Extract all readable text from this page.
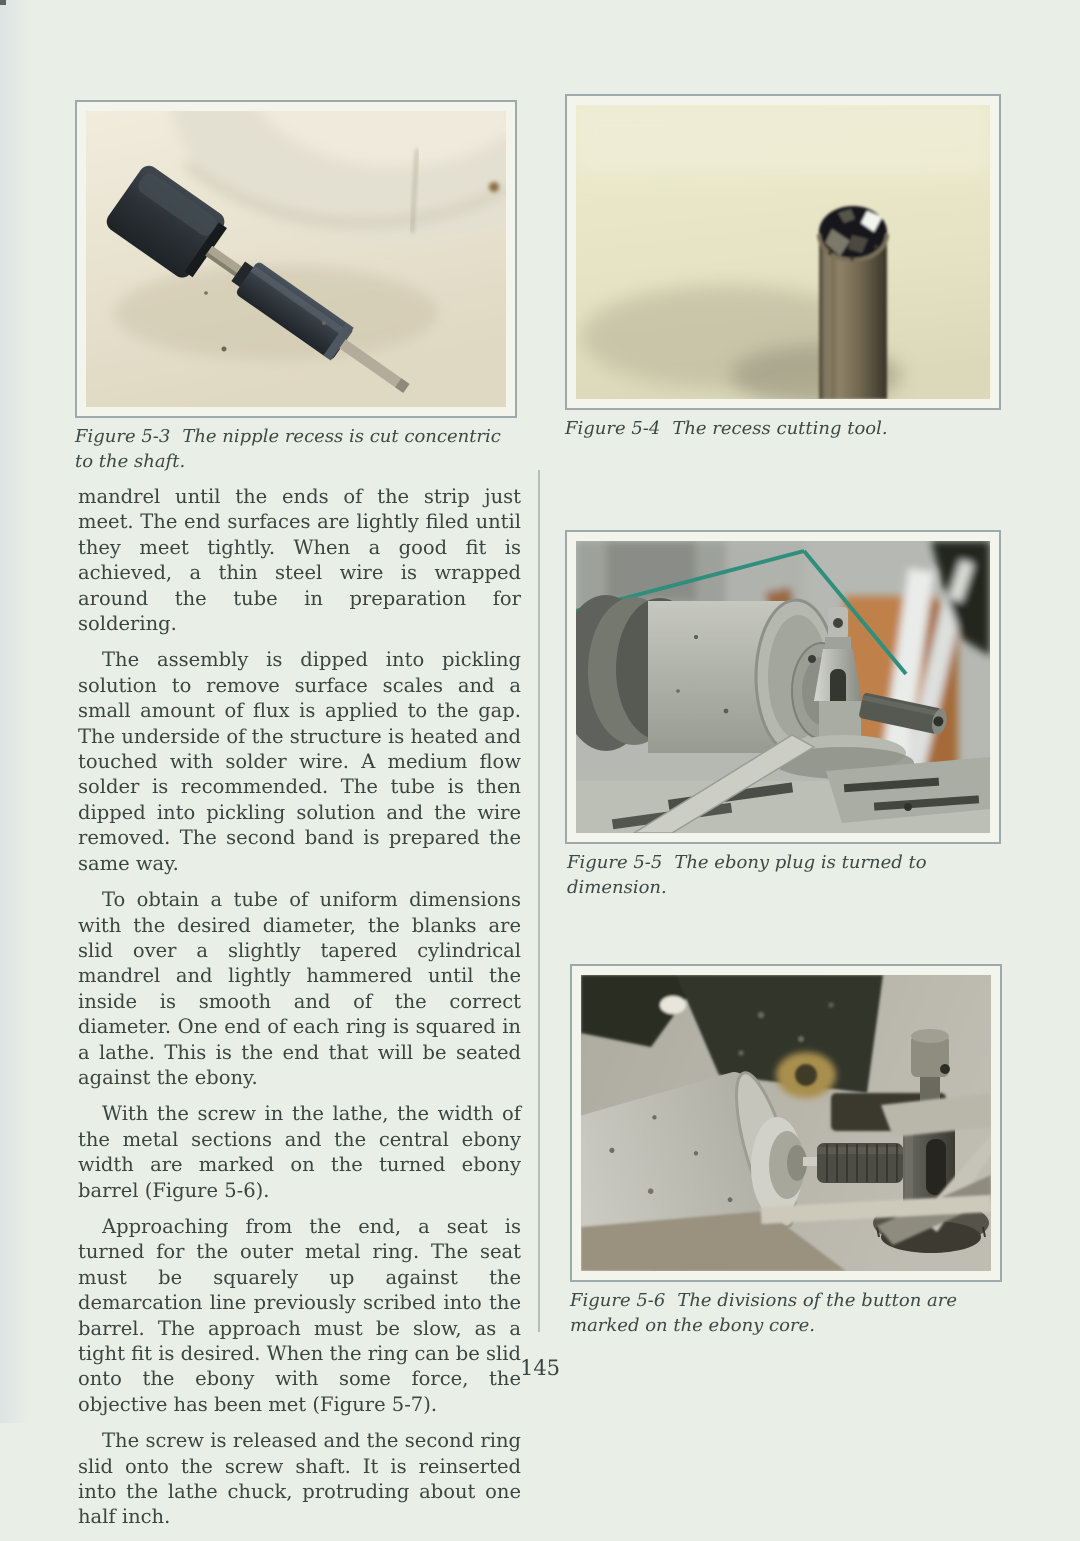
Figure 5-3 The nipple recess is cut concentric to the shaft.

Figure 5-4 The recess cutting tool.

mandrel until the ends of the strip just meet. The end surfaces are lightly filed until they meet tightly. When a good fit is achieved, a thin steel wire is wrapped around the tube in preparation for soldering.

The assembly is dipped into pickling solution to remove surface scales and a small amount of flux is applied to the gap. The underside of the structure is heated and touched with solder wire. A medium flow solder is recommended. The tube is then dipped into pickling solution and the wire removed. The second band is prepared the same way.

To obtain a tube of uniform dimensions with the desired diameter, the blanks are slid over a slightly tapered cylindrical mandrel and lightly hammered until the inside is smooth and of the correct diameter. One end of each ring is squared in a lathe. This is the end that will be seated against the ebony.

With the screw in the lathe, the width of the metal sections and the central ebony width are marked on the turned ebony barrel (Figure 5-6).

Approaching from the end, a seat is turned for the outer metal ring. The seat must be squarely up against the demarcation line previously scribed into the barrel. The approach must be slow, as a tight fit is desired. When the ring can be slid onto the ebony with some force, the objective has been met (Figure 5-7).

The screw is released and the second ring slid onto the screw shaft. It is reinserted into the lathe chuck, protruding about one half inch.

Figure 5-5 The ebony plug is turned to dimension.

Figure 5-6 The divisions of the button are marked on the ebony core.

145
